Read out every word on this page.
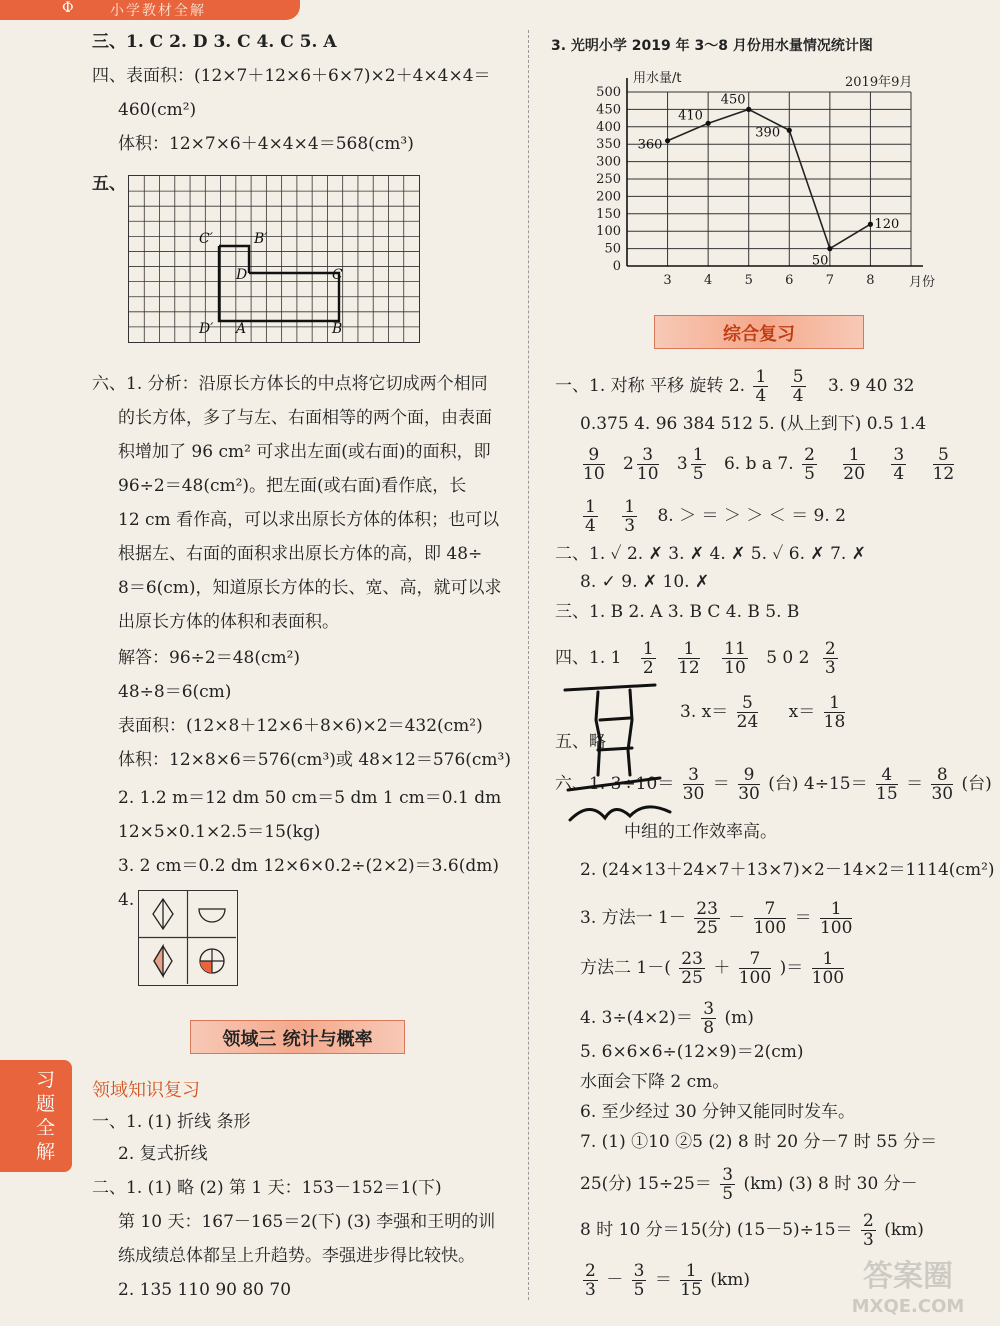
Ф	小学教材全解
习题全解
三、1. C 2. D 3. C 4. C 5. A
四、表面积：(12×7＋12×6＋6×7)×2＋4×4×4＝
460(cm²)
体积：12×7×6＋4×4×4＝568(cm³)
五、
C′	B′
D	C
D′ A	B
六、1. 分析：沿原长方体长的中点将它切成两个相同
的长方体，多了与左、右面相等的两个面，由表面
积增加了 96 cm² 可求出左面(或右面)的面积，即
96÷2＝48(cm²)。把左面(或右面)看作底，长
12 cm 看作高，可以求出原长方体的体积；也可以
根据左、右面的面积求出原长方体的高，即 48÷
8＝6(cm)，知道原长方体的长、宽、高，就可以求
出原长方体的体积和表面积。
解答：96÷2＝48(cm²)
48÷8＝6(cm)
表面积：(12×8＋12×6＋8×6)×2＝432(cm²)
体积：12×8×6＝576(cm³)或 48×12＝576(cm³)
2. 1.2 m＝12 dm 50 cm＝5 dm 1 cm＝0.1 dm
12×5×0.1×2.5＝15(kg)
3. 2 cm＝0.2 dm 12×6×0.2÷(2×2)＝3.6(dm)
4.
领域三 统计与概率
领域知识复习
一、1. (1) 折线 条形
2. 复式折线
二、1. (1) 略 (2) 第 1 天：153－152＝1(下)
第 10 天：167－165＝2(下) (3) 李强和王明的训
练成绩总体都呈上升趋势。李强进步得比较快。
2. 135 110 90 80 70
3. 光明小学 2019 年 3～8 月份用水量情况统计图
用水量/t	2019年9月
月份
0
50
100
150
200
250
300
350
400
450
500
3 4 5 6 7 8
360
410
450
390
50
120
综合复习
一、1. 对称 平移 旋转 2. $\frac{1}{4}$
$\frac{5}{4} 3$. 9 40 32
0.375 4. 96 384 512 5. (从上到下) 0.5 1.4
$\frac{9}{10} 2 \frac{3}{10} 3 \frac{1}{5} 6$. b a 7. $\frac{2}{5}$
$\frac{1}{20}$
$\frac{3}{4}$
$\frac{5}{12}$
$\frac{1}{4}$
$\frac{1}{3} 8$. ＞ ＝ ＞ ＞ ＜ ＝ 9. 2
二、1. ✓ 2. ✗ 3. ✗ 4. ✗ 5. ✓ 6. ✗ 7. ✗
8. ✓ 9. ✗ 10. ✗
三、1. B 2. A 3. B C 4. B 5. B
四、1. $1 \frac{1}{2}$
$\frac{1}{12}$
$\frac{11}{10} 5$ 0 $2 \frac{2}{3}$
3. $x= \frac{5}{24} x= \frac{1}{18}$
五、略
六、1. $3\div 10= \frac{3}{30} = \frac{9}{30}$ (台) $4\div 15= \frac{4}{15} = \frac{8}{30}$ (台)
中组的工作效率高。
2. (24×13＋24×7＋13×7)×2－14×2＝1114(cm²)
3. 方法一 $1- \frac{23}{25} - \frac{7}{100} = \frac{1}{100}$
方法二 $1-( \frac{23}{25} + \frac{7}{100}$ )＝ $\frac{1}{100}$
4. $3\div(4\times 2)= \frac{3}{8} (m)$
5. 6×6×6÷(12×9)＝2(cm)
水面会下降 2 cm。
6. 至少经过 30 分钟又能同时发车。
7. (1) ①10 ②5 (2) 8 时 20 分－7 时 55 分＝
25(分) $15\div 25= \frac{3}{5} (km)$ (3) 8 时 30 分－
8 时 10 分＝15(分) $(15-5)\div 15= \frac{2}{3} (km)$
$\frac{2}{3} - \frac{3}{5} = \frac{1}{15} (km)$	答案圈
MXQE.COM
